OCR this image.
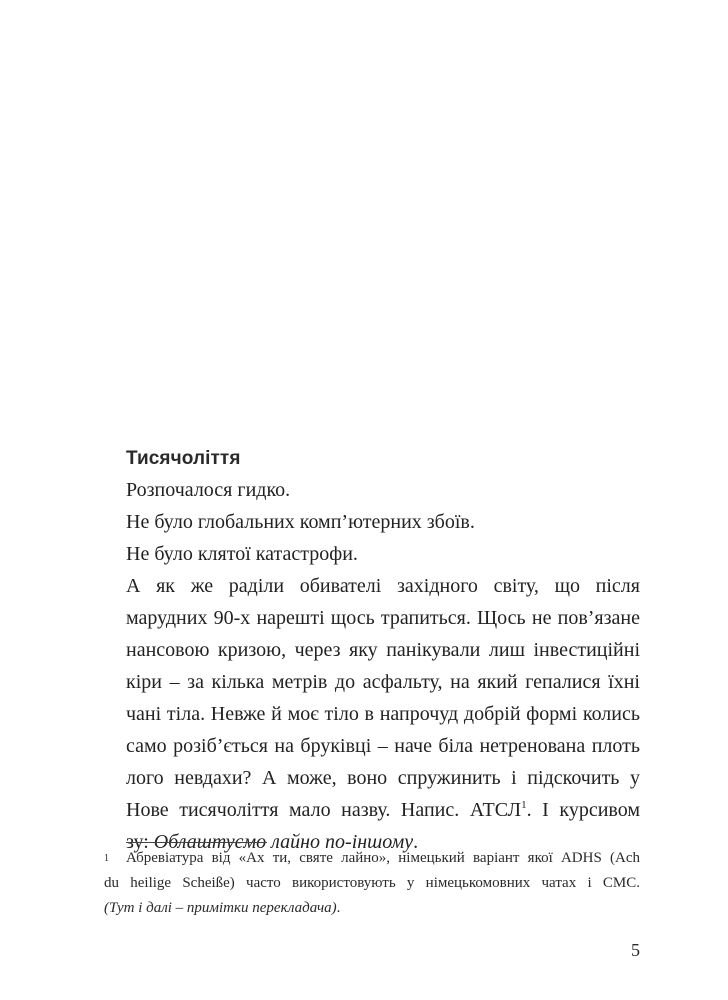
Тисячоліття
Розпочалося гидко.
Не було глобальних комп’ютерних збоїв.
Не було клятої катастрофи.
А як же раділи обивателі західного світу, що після
марудних 90-х нарешті щось трапиться. Щось не пов’язане
нансовою кризою, через яку панікували лиш інвестиційні
кіри – за кілька метрів до асфальту, на який гепалися їхні
чані тіла. Невже й моє тіло в напрочуд добрій формі колись
само розіб’ється на бруківці – наче біла нетренована плоть
лого невдахи? А може, воно спружинить і підскочить у
Нове тисячоліття мало назву. Напис. АТСЛ$^1$. І курсивом
зу: Облаштуємо лайно по-іншому.
1 Абревіатура від «Ах ти, святе лайно», німецький варіант якої ADHS (Ach
du heilige Scheiße) часто використовують у німецькомовних чатах і СМС.
(Тут і далі – примітки перекладача).
5
